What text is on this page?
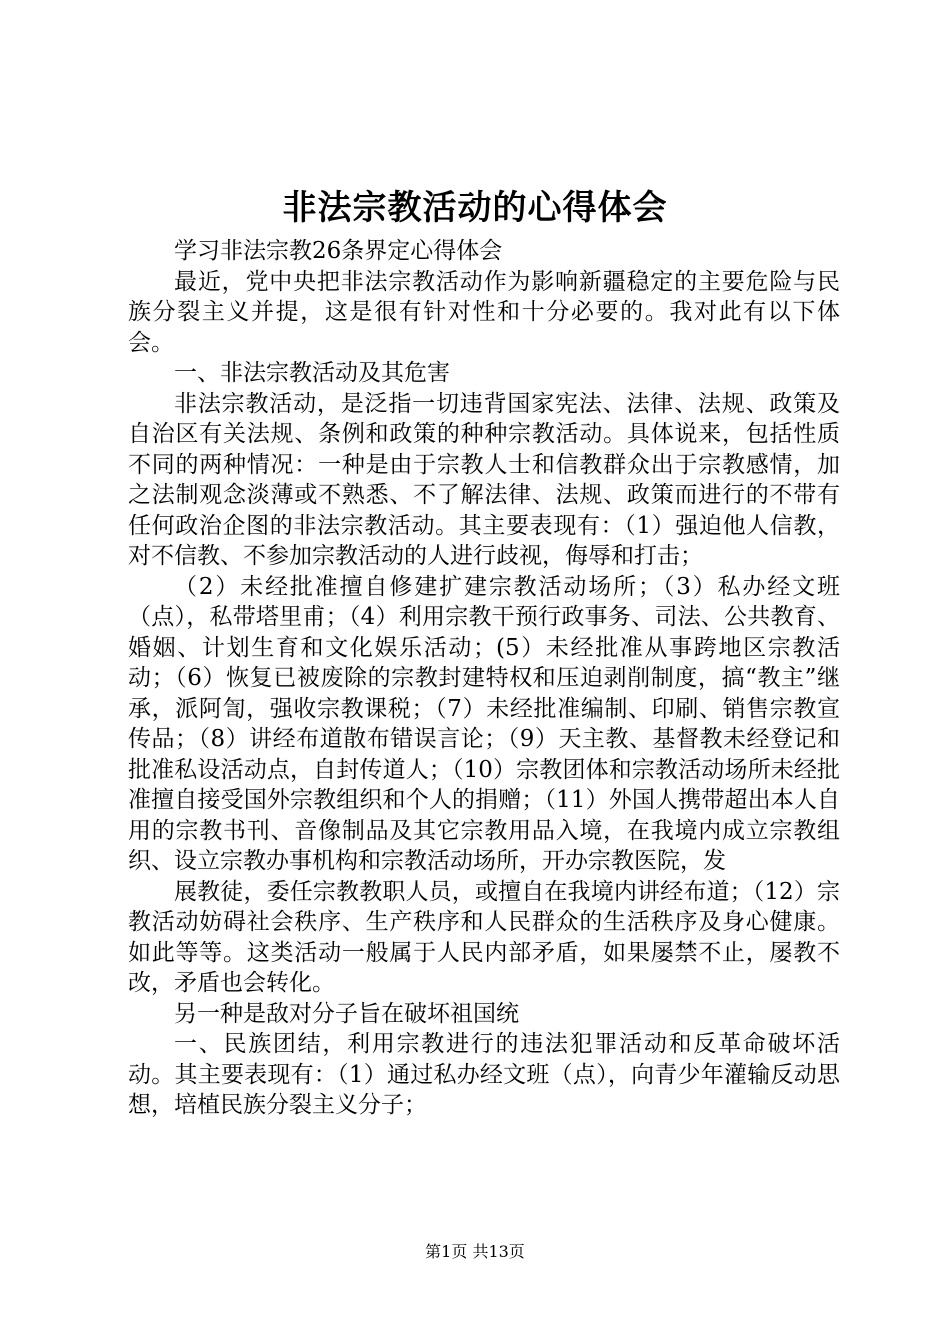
非法宗教活动的心得体会

学习非法宗教26条界定心得体会

最近，党中央把非法宗教活动作为影响新疆稳定的主要危险与民族分裂主义并提，这是很有针对性和十分必要的。我对此有以下体会。

一、非法宗教活动及其危害

非法宗教活动，是泛指一切违背国家宪法、法律、法规、政策及自治区有关法规、条例和政策的种种宗教活动。具体说来，包括性质不同的两种情况：一种是由于宗教人士和信教群众出于宗教感情，加之法制观念淡薄或不熟悉、不了解法律、法规、政策而进行的不带有任何政治企图的非法宗教活动。其主要表现有：（1）强迫他人信教，对不信教、不参加宗教活动的人进行歧视，侮辱和打击；

（2）未经批准擅自修建扩建宗教活动场所；（3）私办经文班（点），私带塔里甫；（4）利用宗教干预行政事务、司法、公共教育、婚姻、计划生育和文化娱乐活动；(5）未经批准从事跨地区宗教活动；（6）恢复已被废除的宗教封建特权和压迫剥削制度，搞“教主”继承，派阿訇，强收宗教课税；（7）未经批准编制、印刷、销售宗教宣传品；（8）讲经布道散布错误言论；（9）天主教、基督教未经登记和批准私设活动点，自封传道人；（10）宗教团体和宗教活动场所未经批准擅自接受国外宗教组织和个人的捐赠；（11）外国人携带超出本人自用的宗教书刊、音像制品及其它宗教用品入境，在我境内成立宗教组织、设立宗教办事机构和宗教活动场所，开办宗教医院，发

展教徒，委任宗教教职人员，或擅自在我境内讲经布道；（12）宗教活动妨碍社会秩序、生产秩序和人民群众的生活秩序及身心健康。如此等等。这类活动一般属于人民内部矛盾，如果屡禁不止，屡教不改，矛盾也会转化。

另一种是敌对分子旨在破坏祖国统

一、民族团结，利用宗教进行的违法犯罪活动和反革命破坏活动。其主要表现有：（1）通过私办经文班（点），向青少年灌输反动思想，培植民族分裂主义分子；

第1页 共13页
